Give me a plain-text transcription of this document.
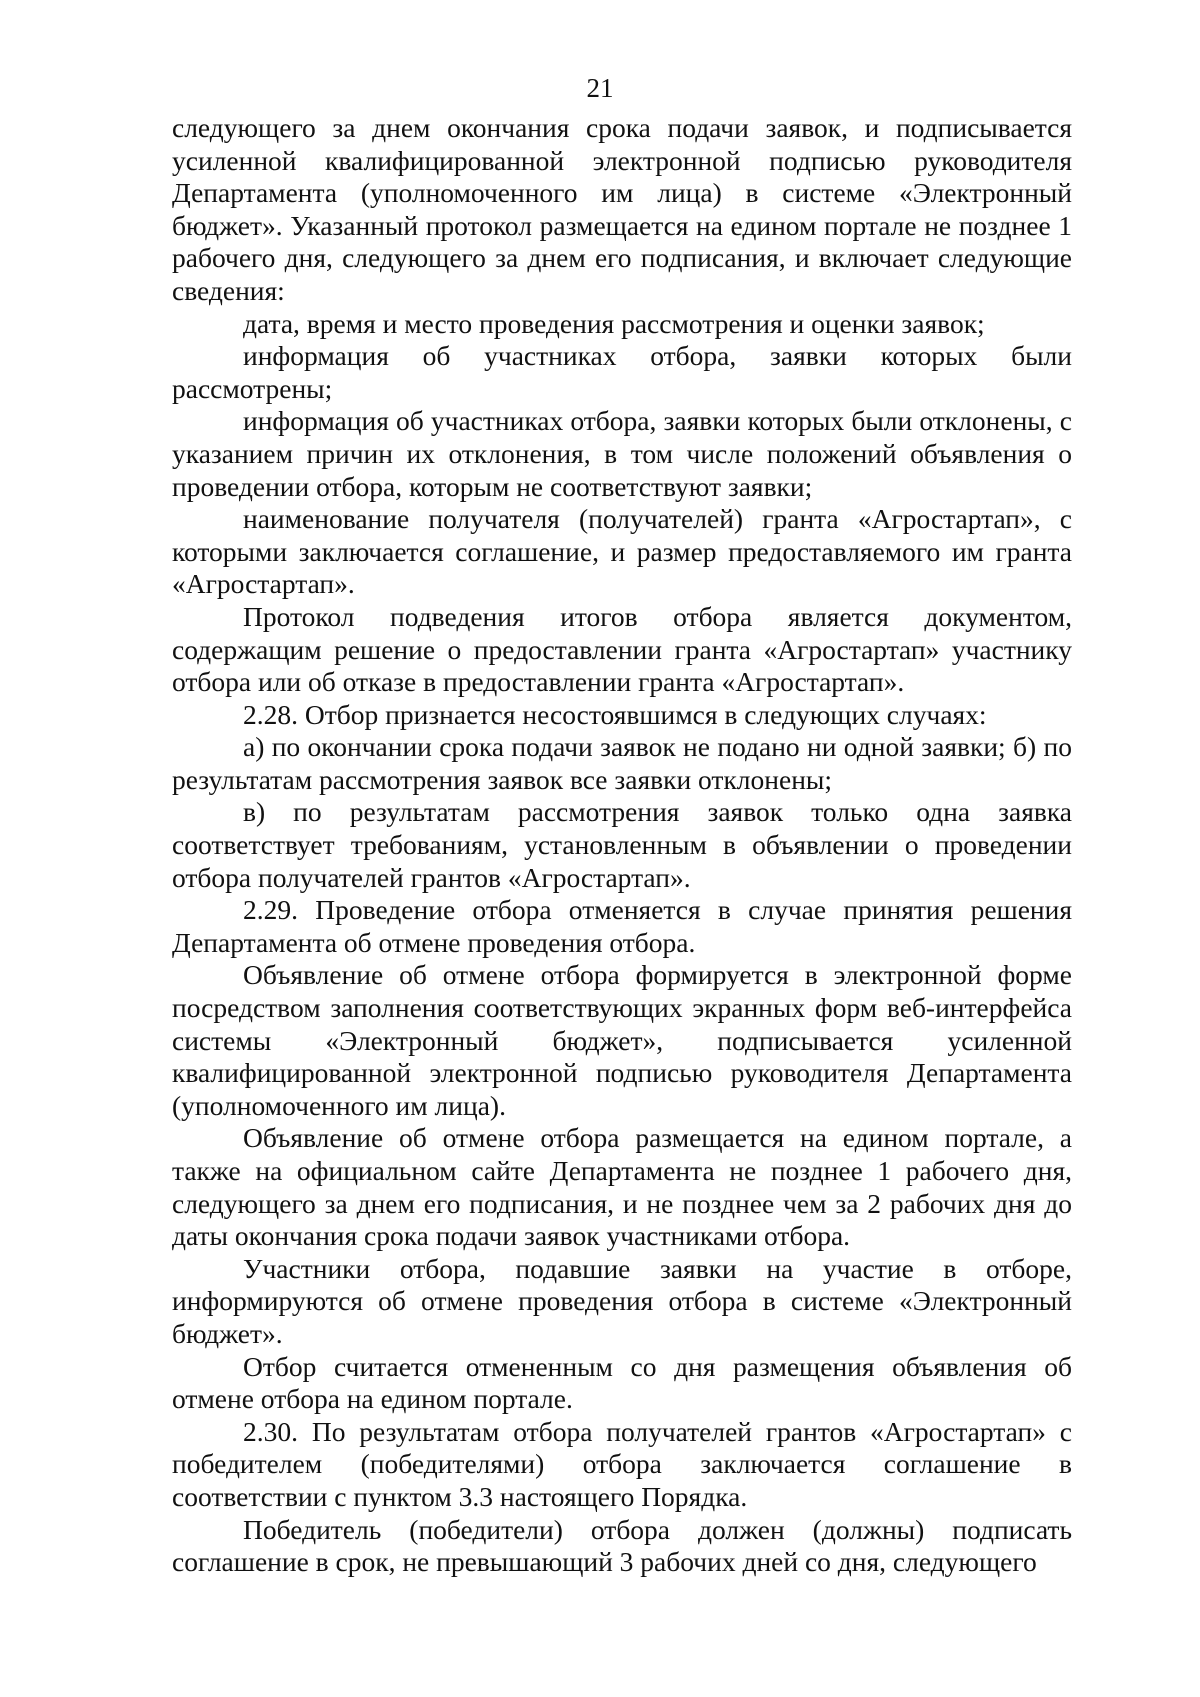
21

следующего за днем окончания срока подачи заявок, и подписывается усиленной квалифицированной электронной подписью руководителя Департамента (уполномоченного им лица) в системе «Электронный бюджет». Указанный протокол размещается на едином портале не позднее 1 рабочего дня, следующего за днем его подписания, и включает следующие сведения:

дата, время и место проведения рассмотрения и оценки заявок;

информация об участниках отбора, заявки которых были рассмотрены;

информация об участниках отбора, заявки которых были отклонены, с указанием причин их отклонения, в том числе положений объявления о проведении отбора, которым не соответствуют заявки;

наименование получателя (получателей) гранта «Агростартап», с которыми заключается соглашение, и размер предоставляемого им гранта «Агростартап».

Протокол подведения итогов отбора является документом, содержащим решение о предоставлении гранта «Агростартап» участнику отбора или об отказе в предоставлении гранта «Агростартап».

2.28. Отбор признается несостоявшимся в следующих случаях:

а) по окончании срока подачи заявок не подано ни одной заявки; б) по результатам рассмотрения заявок все заявки отклонены;

в) по результатам рассмотрения заявок только одна заявка соответствует требованиям, установленным в объявлении о проведении отбора получателей грантов «Агростартап».

2.29. Проведение отбора отменяется в случае принятия решения Департамента об отмене проведения отбора.

Объявление об отмене отбора формируется в электронной форме посредством заполнения соответствующих экранных форм веб-интерфейса системы «Электронный бюджет», подписывается усиленной квалифицированной электронной подписью руководителя Департамента (уполномоченного им лица).

Объявление об отмене отбора размещается на едином портале, а также на официальном сайте Департамента не позднее 1 рабочего дня, следующего за днем его подписания, и не позднее чем за 2 рабочих дня до даты окончания срока подачи заявок участниками отбора.

Участники отбора, подавшие заявки на участие в отборе, информируются об отмене проведения отбора в системе «Электронный бюджет».

Отбор считается отмененным со дня размещения объявления об отмене отбора на едином портале.

2.30. По результатам отбора получателей грантов «Агростартап» с победителем (победителями) отбора заключается соглашение в соответствии с пунктом 3.3 настоящего Порядка.

Победитель (победители) отбора должен (должны) подписать соглашение в срок, не превышающий 3 рабочих дней со дня, следующего
